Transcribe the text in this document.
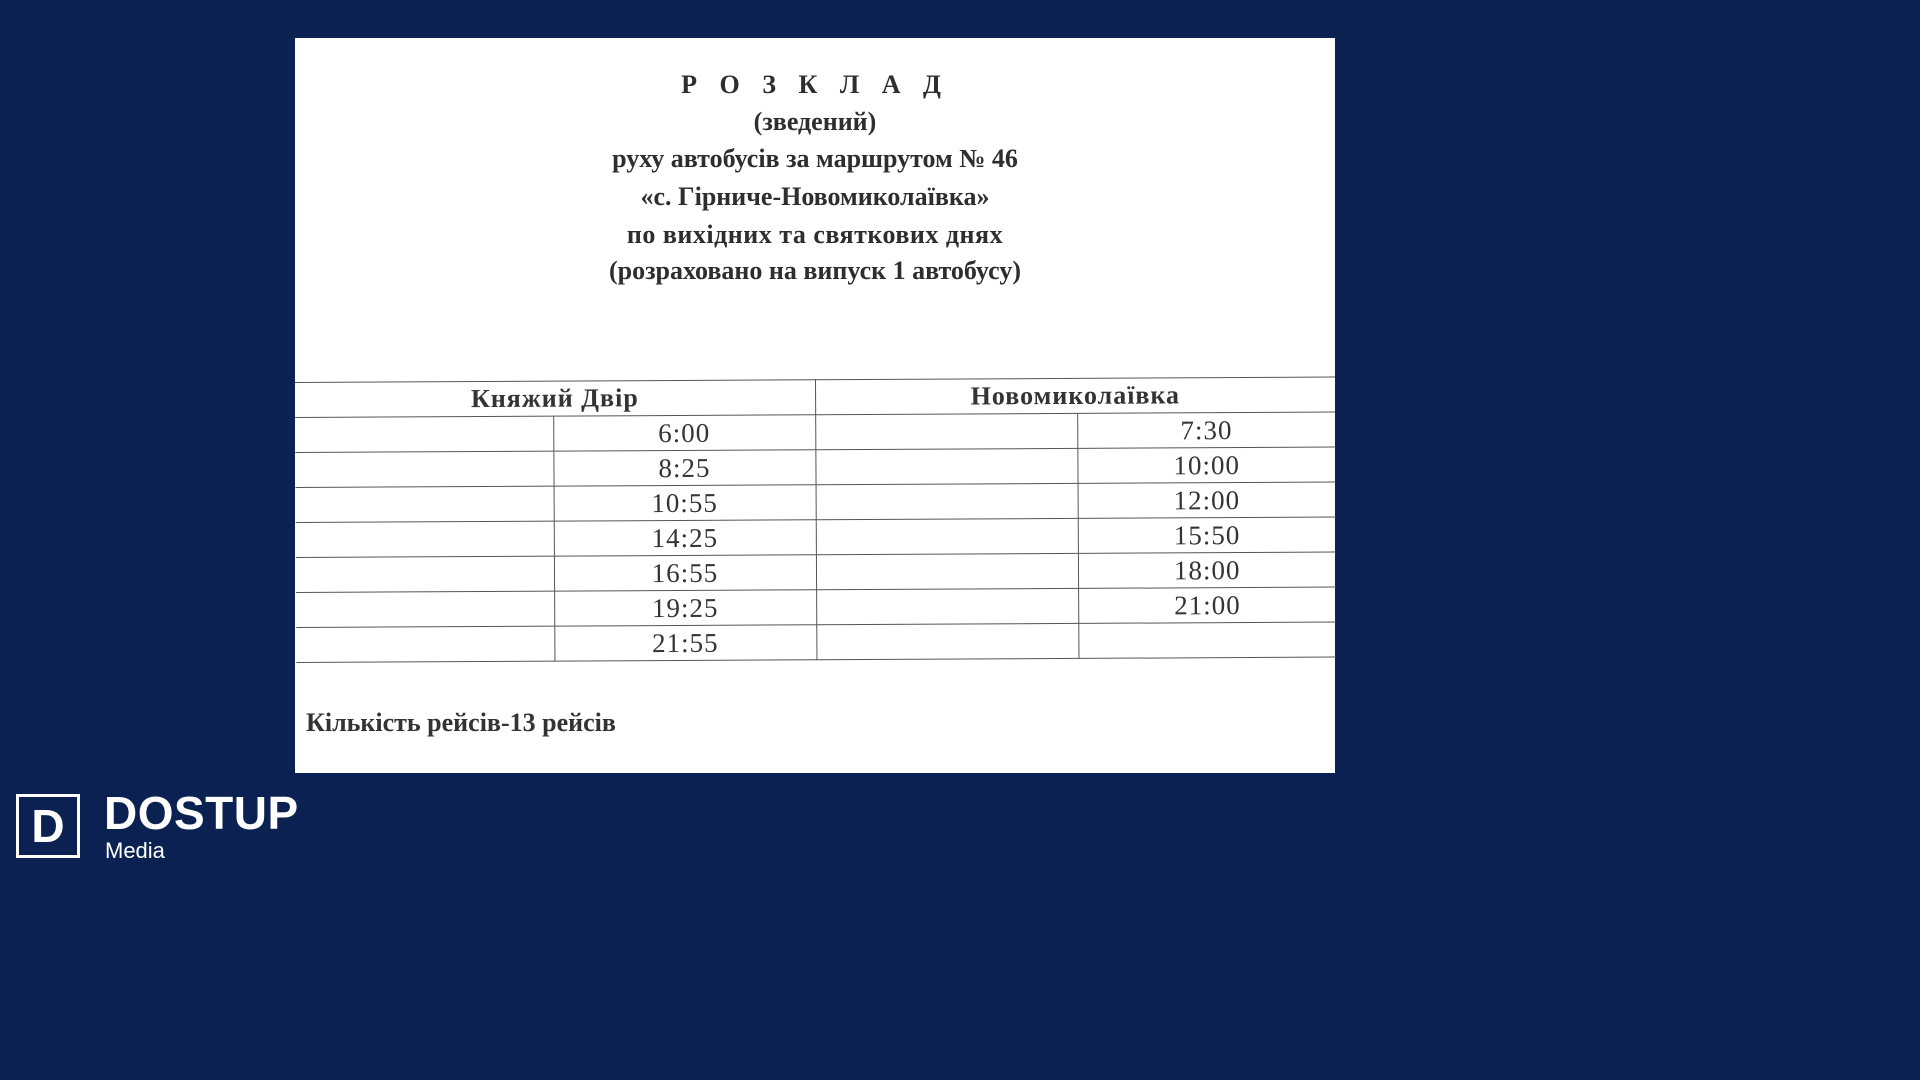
Р О З К Л А Д
(зведений)
руху автобусів за маршрутом № 46
«с. Гірниче-Новомиколаївка»
по вихідних та святкових днях
(розраховано на випуск 1 автобусу)
Княжий Двір		Новомиколаївка	
	6:00		7:30
	8:25		10:00
	10:55		12:00
	14:25		15:50
	16:55		18:00
	19:25		21:00
	21:55		
Кількість рейсів-13 рейсів
D DOSTUP
Media
